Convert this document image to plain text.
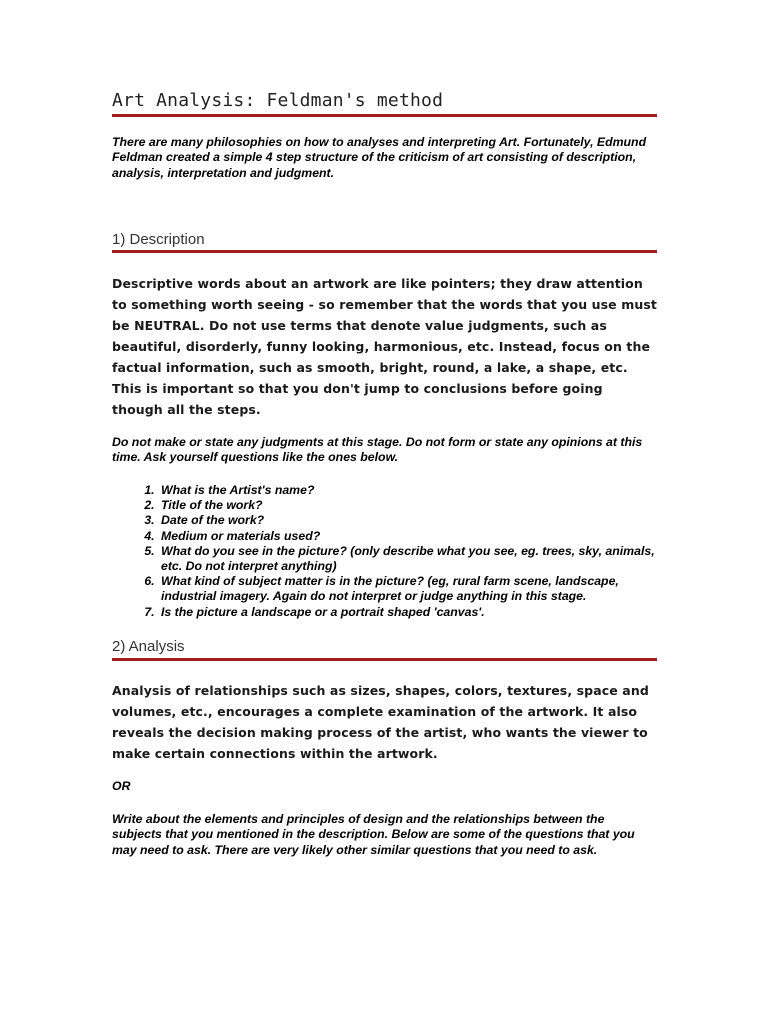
Art Analysis: Feldman's method
There are many philosophies on how to analyses and interpreting Art. Fortunately, Edmund Feldman created a simple 4 step structure of the criticism of art consisting of description, analysis, interpretation and judgment.
1) Description
Descriptive words about an artwork are like pointers; they draw attention to something worth seeing - so remember that the words that you use must be NEUTRAL. Do not use terms that denote value judgments, such as beautiful, disorderly, funny looking, harmonious, etc. Instead, focus on the factual information, such as smooth, bright, round, a lake, a shape, etc. This is important so that you don't jump to conclusions before going though all the steps.
Do not make or state any judgments at this stage. Do not form or state any opinions at this time. Ask yourself questions like the ones below.
1. What is the Artist's name?
2. Title of the work?
3. Date of the work?
4. Medium or materials used?
5. What do you see in the picture? (only describe what you see, eg. trees, sky, animals, etc. Do not interpret anything)
6. What kind of subject matter is in the picture? (eg, rural farm scene, landscape, industrial imagery. Again do not interpret or judge anything in this stage.
7. Is the picture a landscape or a portrait shaped 'canvas'.
2) Analysis
Analysis of relationships such as sizes, shapes, colors, textures, space and volumes, etc., encourages a complete examination of the artwork. It also reveals the decision making process of the artist, who wants the viewer to make certain connections within the artwork.
OR
Write about the elements and principles of design and the relationships between the subjects that you mentioned in the description. Below are some of the questions that you may need to ask. There are very likely other similar questions that you need to ask.
